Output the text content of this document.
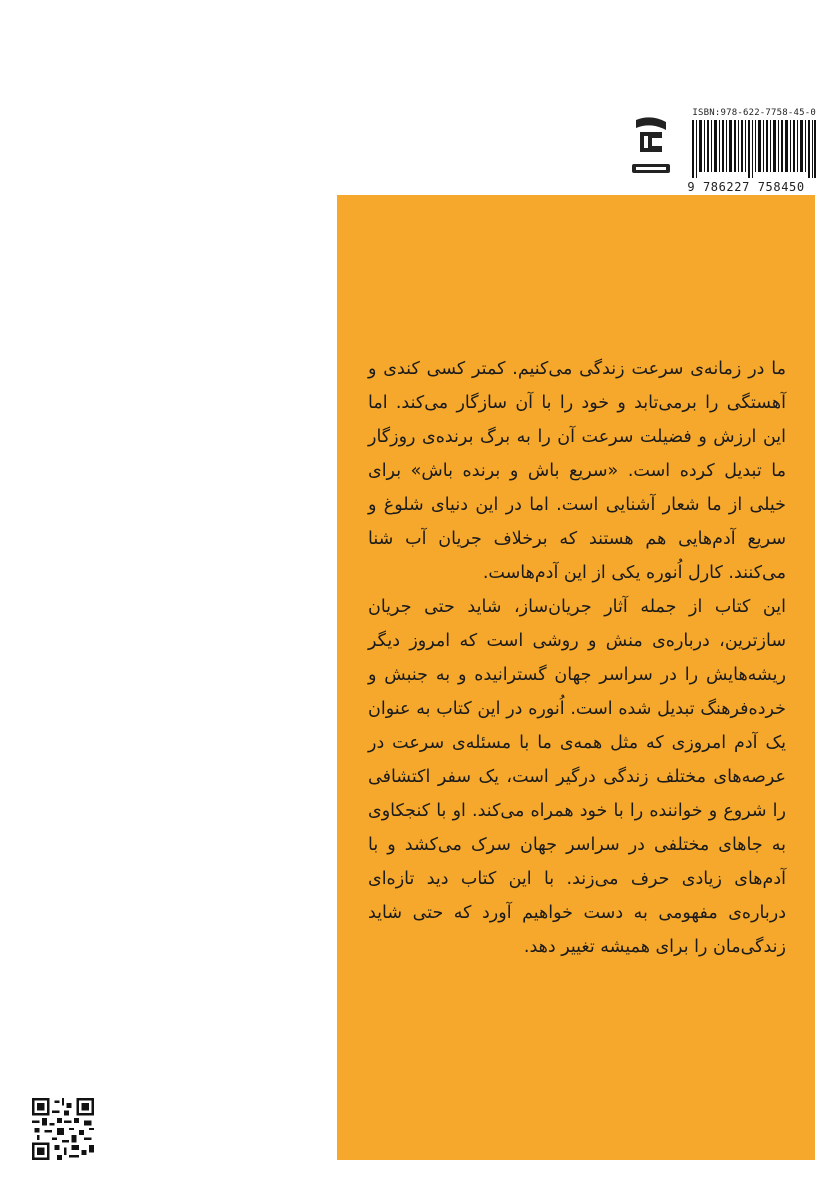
ما در زمانه‌ی سرعت زندگی می‌کنیم. کمتر کسی کندی و آهستگی را برمی‌تابد و خود را با آن سازگار می‌کند. اما این ارزش و فضیلت سرعت آن را به برگ برنده‌ی روزگار ما تبدیل کرده است. «سریع باش و برنده باش» برای خیلی از ما شعار آشنایی است. اما در این دنیای شلوغ و سریع آدم‌هایی هم هستند که برخلاف جریان آب شنا می‌کنند. کارل اُنوره یکی از این آدم‌هاست.

این کتاب از جمله آثار جریان‌ساز، شاید حتی جریان سازترین، درباره‌ی منش و روشی است که امروز دیگر ریشه‌هایش را در سراسر جهان گسترانیده و به جنبش و خرده‌فرهنگ تبدیل شده است. اُنوره در این کتاب به عنوان یک آدم امروزی که مثل همه‌ی ما با مسئله‌ی سرعت در عرصه‌های مختلف زندگی درگیر است، یک سفر اکتشافی را شروع و خواننده را با خود همراه می‌کند. او با کنجکاوی به جاهای مختلفی در سراسر جهان سرک می‌کشد و با آدم‌های زیادی حرف می‌زند. با این کتاب دید تازه‌ای درباره‌ی مفهومی به دست خواهیم آورد که حتی شاید زندگی‌مان را برای همیشه تغییر دهد.

ISBN:978-622-7758-45-0
9 786227 758450
